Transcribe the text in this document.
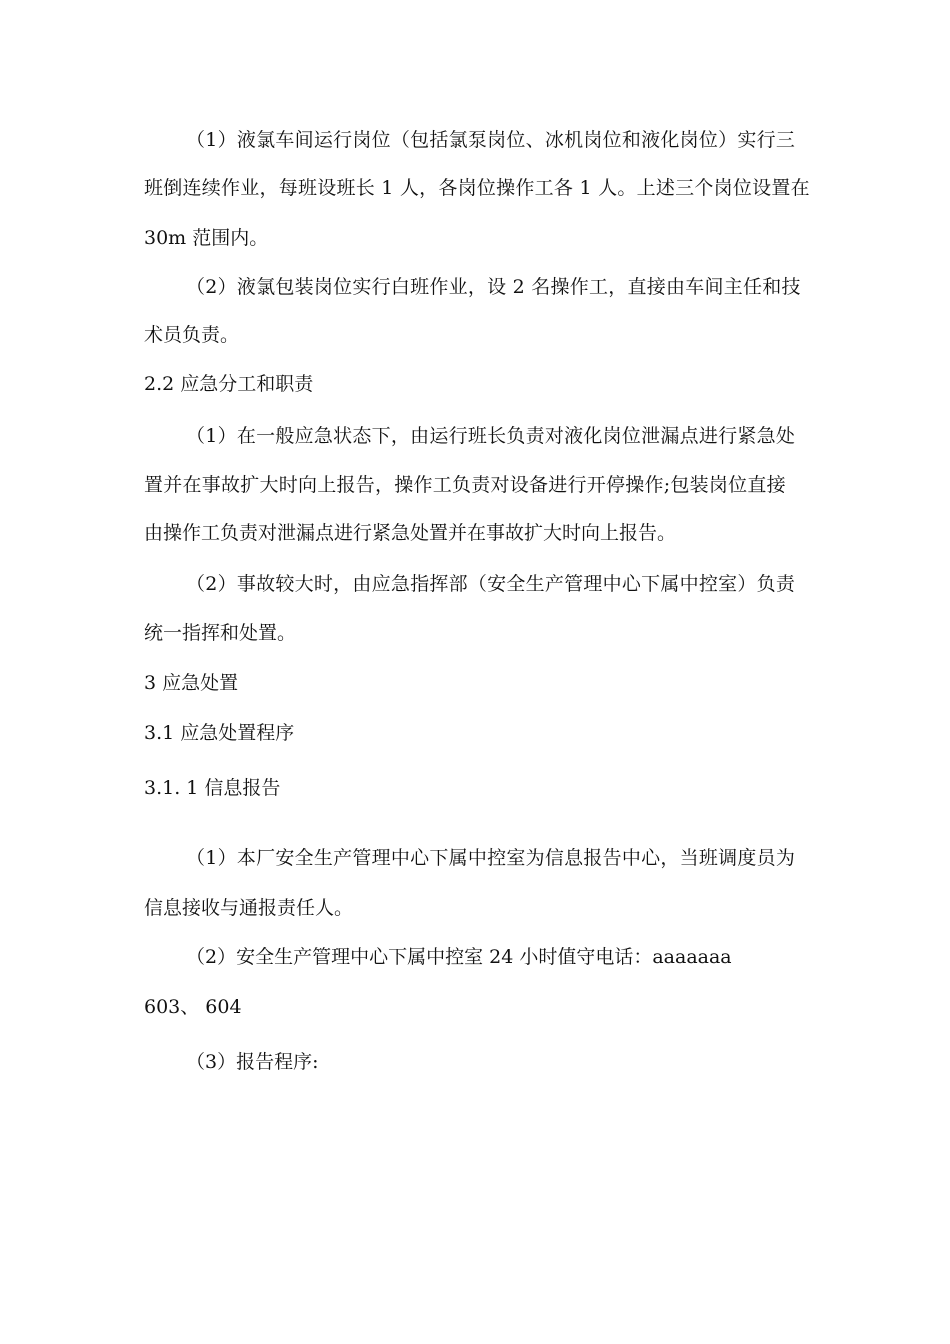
（1）液氯车间运行岗位（包括氯泵岗位、冰机岗位和液化岗位）实行三
班倒连续作业，每班设班长 1 人，各岗位操作工各 1 人。上述三个岗位设置在
30m 范围内。
（2）液氯包装岗位实行白班作业，设 2 名操作工，直接由车间主任和技
术员负责。
2.2 应急分工和职责
（1）在一般应急状态下，由运行班长负责对液化岗位泄漏点进行紧急处
置并在事故扩大时向上报告，操作工负责对设备进行开停操作;包装岗位直接
由操作工负责对泄漏点进行紧急处置并在事故扩大时向上报告。
（2）事故较大时，由应急指挥部（安全生产管理中心下属中控室）负责
统一指挥和处置。
3 应急处置
3.1 应急处置程序
3.1. 1 信息报告
（1）本厂安全生产管理中心下属中控室为信息报告中心，当班调度员为
信息接收与通报责任人。
（2）安全生产管理中心下属中控室 24 小时值守电话：aaaaaaa
603、 604
（3）报告程序:
